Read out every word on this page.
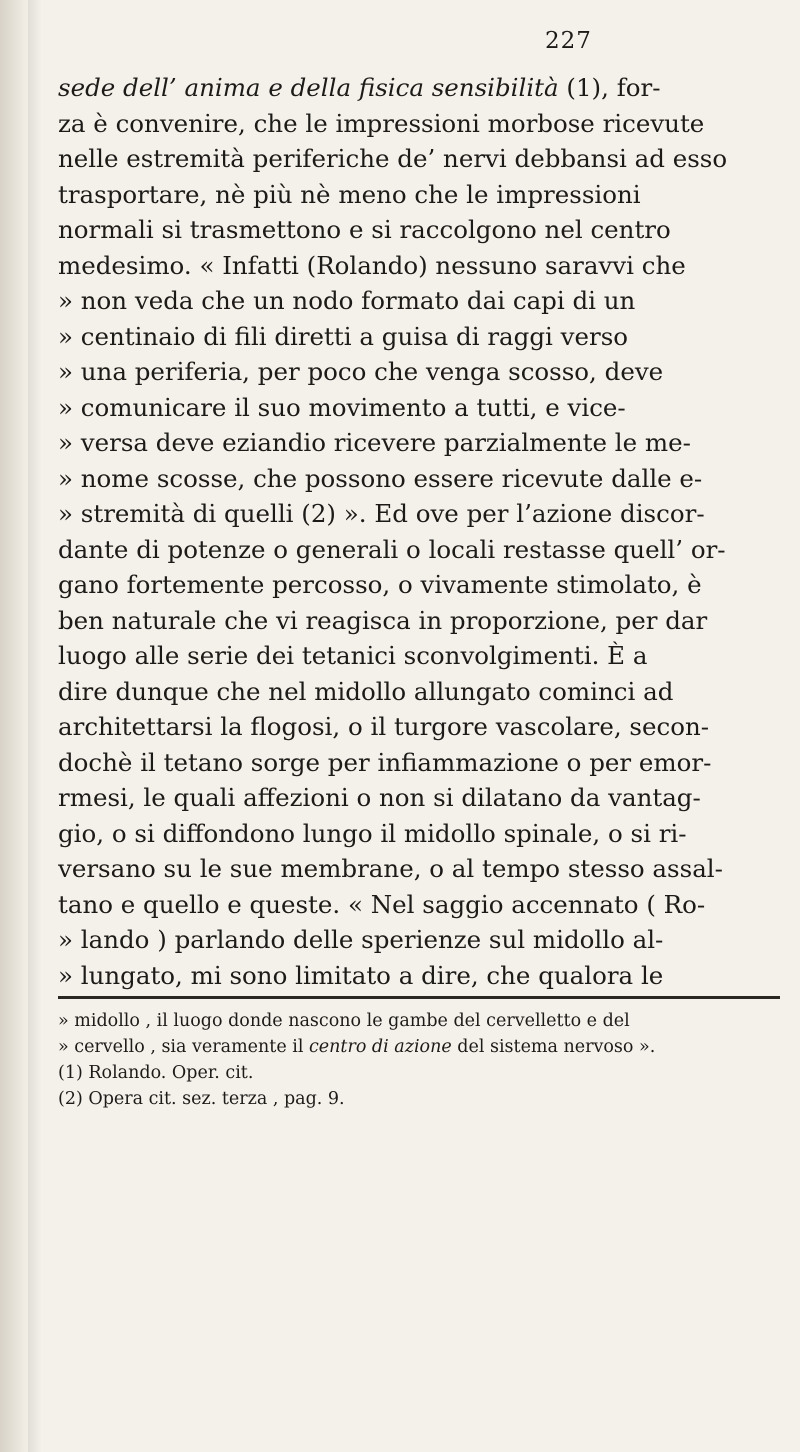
227
sede dell’ anima e della fisica sensibilità (1), for-
za è convenire, che le impressioni morbose ricevute
nelle estremità periferiche de’ nervi debbansi ad esso
trasportare, nè più nè meno che le impressioni
normali si trasmettono e si raccolgono nel centro
medesimo. « Infatti (Rolando) nessuno saravvi che
» non veda che un nodo formato dai capi di un
» centinaio di fili diretti a guisa di raggi verso
» una periferia, per poco che venga scosso, deve
» comunicare il suo movimento a tutti, e vice-
» versa deve eziandio ricevere parzialmente le me-
» nome scosse, che possono essere ricevute dalle e-
» stremità di quelli (2) ». Ed ove per l’azione discor-
dante di potenze o generali o locali restasse quell’ or-
gano fortemente percosso, o vivamente stimolato, è
ben naturale che vi reagisca in proporzione, per dar
luogo alle serie dei tetanici sconvolgimenti. È a
dire dunque che nel midollo allungato cominci ad
architettarsi la flogosi, o il turgore vascolare, secon-
dochè il tetano sorge per infiammazione o per emor-
rmesi, le quali affezioni o non si dilatano da vantag-
gio, o si diffondono lungo il midollo spinale, o si ri-
versano su le sue membrane, o al tempo stesso assal-
tano e quello e queste. « Nel saggio accennato ( Ro-
» lando ) parlando delle sperienze sul midollo al-
» lungato, mi sono limitato a dire, che qualora le
» midollo , il luogo donde nascono le gambe del cervelletto e del
» cervello , sia veramente il centro di azione del sistema nervoso ».
(1) Rolando. Oper. cit.
(2) Opera cit. sez. terza , pag. 9.
